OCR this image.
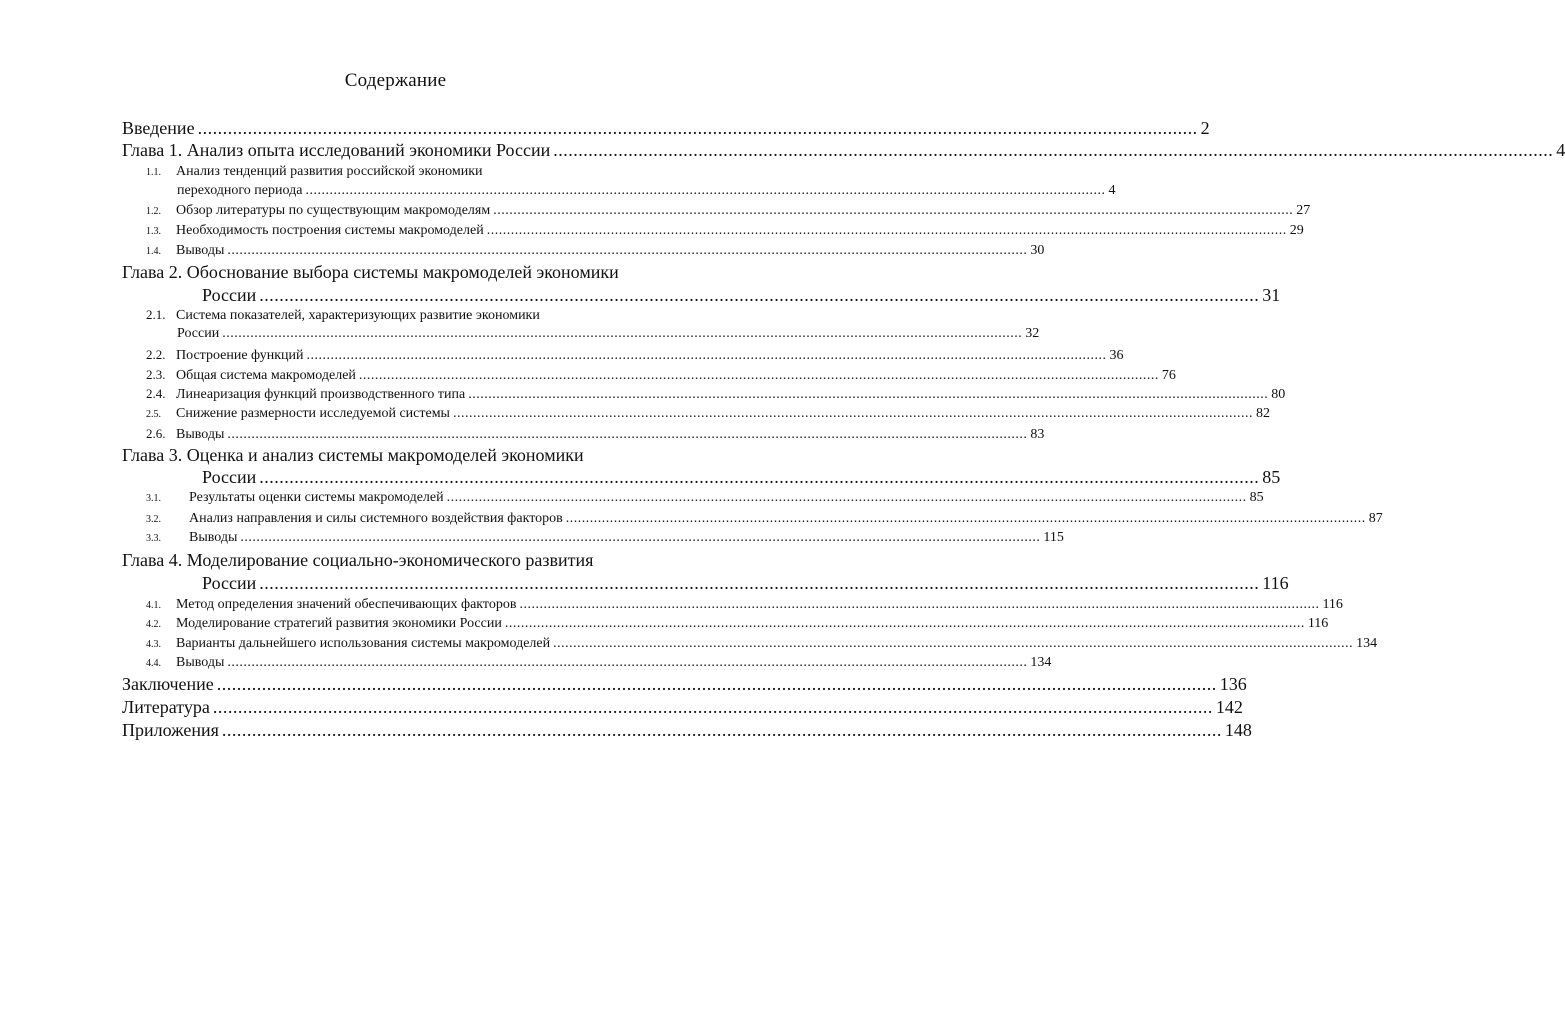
Содержание
Введение ........................................................................................................................................................................................................ 2
Глава 1. Анализ опыта исследований экономики России ........................................................................................................................................................................................................ 4
1.1. Анализ тенденций развития российской экономики
переходного периода ........................................................................................................................................................................................................ 4
1.2.	Обзор литературы по существующим макромоделям ........................................................................................................................................................................................................ 27
1.3.	Необходимость построения системы макромоделей ........................................................................................................................................................................................................ 29
1.4.	Выводы ........................................................................................................................................................................................................ 30
Глава 2. Обоснование выбора системы макромоделей экономики
России ........................................................................................................................................................................................................ 31
2.1. Система показателей, характеризующих развитие экономики
России ........................................................................................................................................................................................................ 32
2.2. Построение функций ........................................................................................................................................................................................................ 36
2.3. Общая система макромоделей ........................................................................................................................................................................................................ 76
2.4. Линеаризация функций производственного типа ........................................................................................................................................................................................................ 80
2.5.	Снижение размерности исследуемой системы ........................................................................................................................................................................................................ 82
2.6. Выводы ........................................................................................................................................................................................................ 83
Глава 3. Оценка и анализ системы макромоделей экономики
России ........................................................................................................................................................................................................ 85
3.1.	Результаты оценки системы макромоделей ........................................................................................................................................................................................................ 85
3.2.	Анализ направления и силы системного воздействия факторов ........................................................................................................................................................................................................ 87
3.3.	Выводы ........................................................................................................................................................................................................ 115
Глава 4. Моделирование социально-экономического развития
России ........................................................................................................................................................................................................ 116
4.1.	Метод определения значений обеспечивающих факторов ........................................................................................................................................................................................................ 116
4.2.	Моделирование стратегий развития экономики России ........................................................................................................................................................................................................ 116
4.3.	Варианты дальнейшего использования системы макромоделей ........................................................................................................................................................................................................ 134
4.4.	Выводы ........................................................................................................................................................................................................ 134
Заключение ........................................................................................................................................................................................................ 136
Литература ........................................................................................................................................................................................................ 142
Приложения ........................................................................................................................................................................................................ 148
